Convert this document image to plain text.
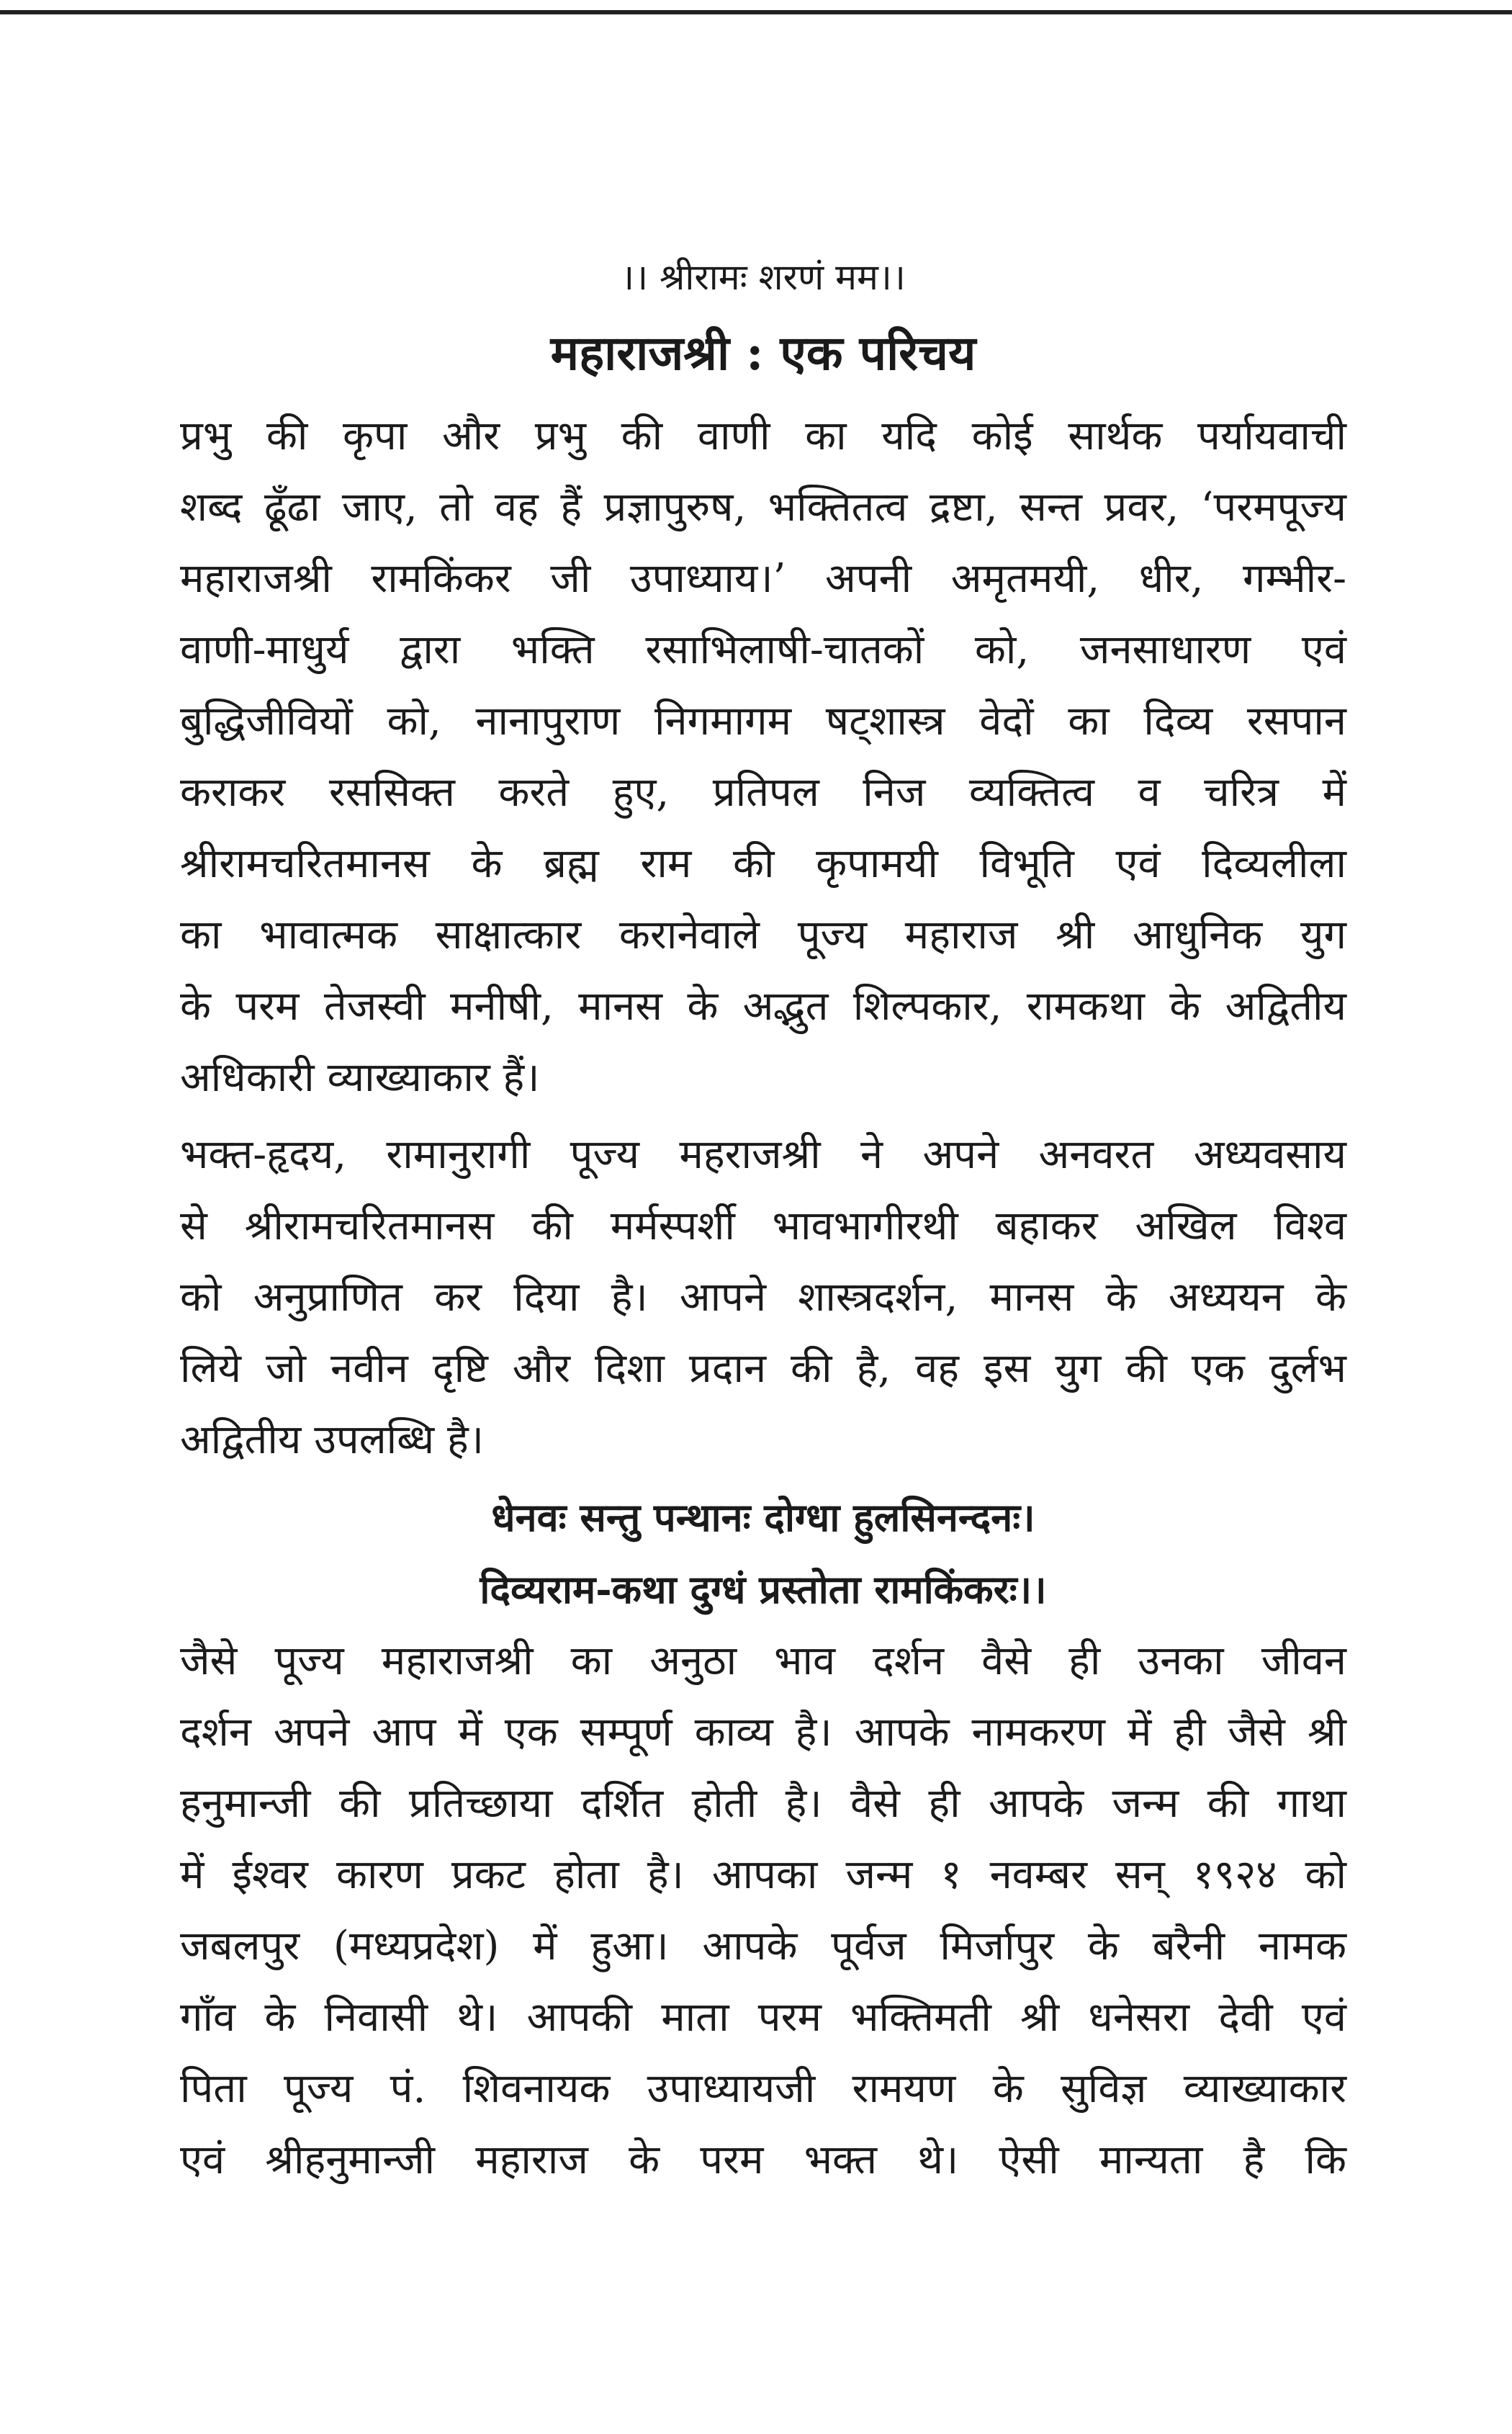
।। श्रीरामः शरणं मम।।

महाराजश्री : एक परिचय
प्रभु की कृपा और प्रभु की वाणी का यदि कोई सार्थक पर्यायवाची
शब्द ढूँढा जाए, तो वह हैं प्रज्ञापुरुष, भक्तितत्व द्रष्टा, सन्त प्रवर, ‘परमपूज्य
महाराजश्री रामकिंकर जी उपाध्याय।’ अपनी अमृतमयी, धीर, गम्भीर-
वाणी-माधुर्य द्वारा भक्ति रसाभिलाषी-चातकों को, जनसाधारण एवं
बुद्धिजीवियों को, नानापुराण निगमागम षट्शास्त्र वेदों का दिव्य रसपान
कराकर रससिक्त करते हुए, प्रतिपल निज व्यक्तित्व व चरित्र में
श्रीरामचरितमानस के ब्रह्म राम की कृपामयी विभूति एवं दिव्यलीला
का भावात्मक साक्षात्कार करानेवाले पूज्य महाराज श्री आधुनिक युग
के परम तेजस्वी मनीषी, मानस के अद्भुत शिल्पकार, रामकथा के अद्वितीय
अधिकारी व्याख्याकार हैं।
भक्त-हृदय, रामानुरागी पूज्य महराजश्री ने अपने अनवरत अध्यवसाय
से श्रीरामचरितमानस की मर्मस्पर्शी भावभागीरथी बहाकर अखिल विश्व
को अनुप्राणित कर दिया है। आपने शास्त्रदर्शन, मानस के अध्ययन के
लिये जो नवीन दृष्टि और दिशा प्रदान की है, वह इस युग की एक दुर्लभ
अद्वितीय उपलब्धि है।

धेनवः सन्तु पन्थानः दोग्धा हुलसिनन्दनः।

दिव्यराम-कथा दुग्धं प्रस्तोता रामकिंकरः।।

जैसे पूज्य महाराजश्री का अनुठा भाव दर्शन वैसे ही उनका जीवन
दर्शन अपने आप में एक सम्पूर्ण काव्य है। आपके नामकरण में ही जैसे श्री
हनुमान्जी की प्रतिच्छाया दर्शित होती है। वैसे ही आपके जन्म की गाथा
में ईश्वर कारण प्रकट होता है। आपका जन्म १ नवम्बर सन् १९२४ को
जबलपुर (मध्यप्रदेश) में हुआ। आपके पूर्वज मिर्जापुर के बरैनी नामक
गाँव के निवासी थे। आपकी माता परम भक्तिमती श्री धनेसरा देवी एवं
पिता पूज्य पं. शिवनायक उपाध्यायजी रामयण के सुविज्ञ व्याख्याकार
एवं श्रीहनुमान्जी महाराज के परम भक्त थे। ऐसी मान्यता है कि
